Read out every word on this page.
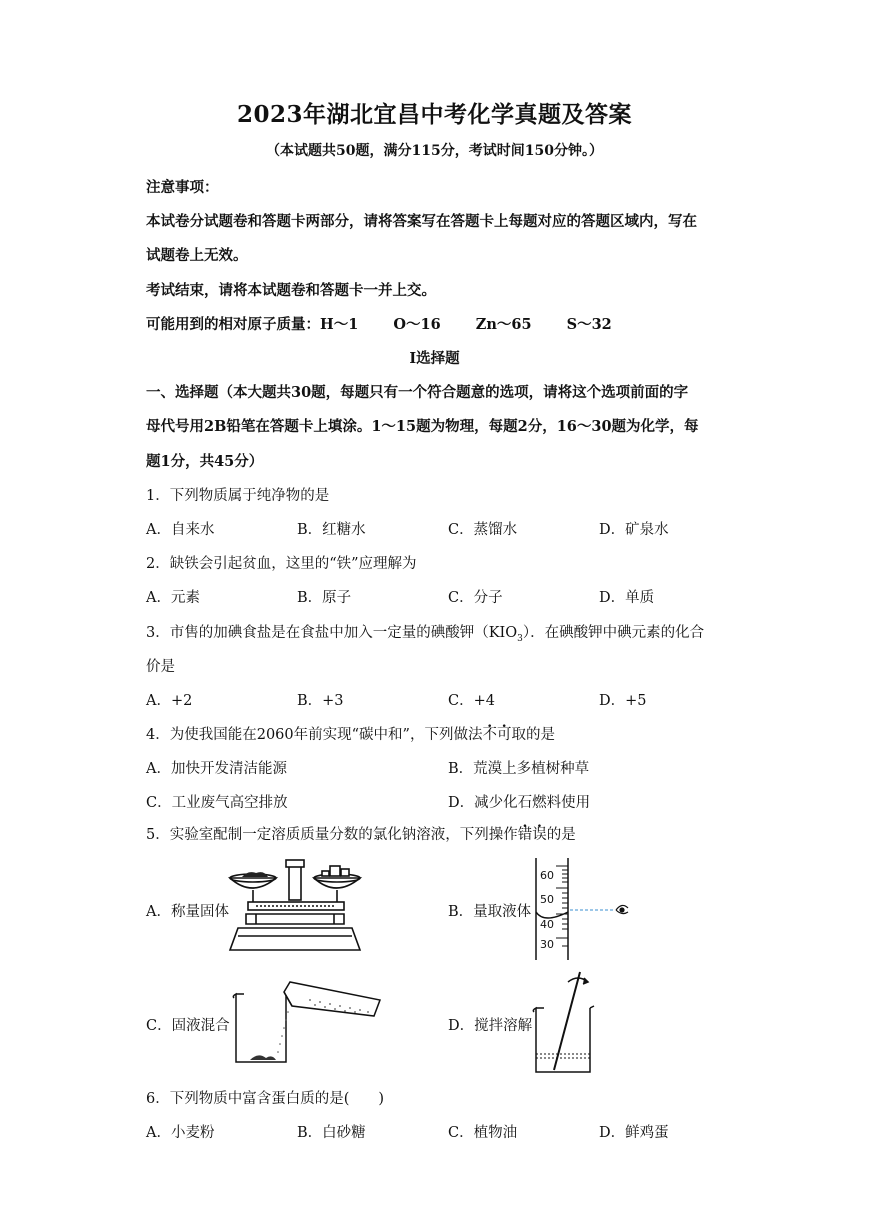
2023年湖北宜昌中考化学真题及答案
（本试题共50题，满分115分，考试时间150分钟。）
注意事项：
本试卷分试题卷和答题卡两部分，请将答案写在答题卡上每题对应的答题区域内，写在
试题卷上无效。
考试结束，请将本试题卷和答题卡一并上交。
可能用到的相对原子质量：H～1 O～16 Zn～65 S～32
Ⅰ选择题
一、选择题（本大题共30题，每题只有一个符合题意的选项，请将这个选项前面的字
母代号用2B铅笔在答题卡上填涂。1～15题为物理，每题2分，16～30题为化学，每
题1分，共45分）
1．下列物质属于纯净物的是
A．自来水	B．红糖水	C．蒸馏水	D．矿泉水
2．缺铁会引起贫血，这里的“铁”应理解为
A．元素	B．原子	C．分子	D．单质
3．市售的加碘食盐是在食盐中加入一定量的碘酸钾$(KIO_3)$．在碘酸钾中碘元素的化合
价是
A．+2	B．+3	C．+4	D．+5
4．为使我国能在2060年前实现“碳中和”，下列做法不可取的是
A．加快开发清洁能源	B．荒漠上多植树种草
C．工业废气高空排放	D．减少化石燃料使用
5．实验室配制一定溶质质量分数的氯化钠溶液，下列操作错误的是
A．称量固体	B．量取液体
C．固液混合	D．搅拌溶解
60
50
40
30
6．下列物质中富含蛋白质的是(　　)
A．小麦粉	B．白砂糖	C．植物油	D．鲜鸡蛋
